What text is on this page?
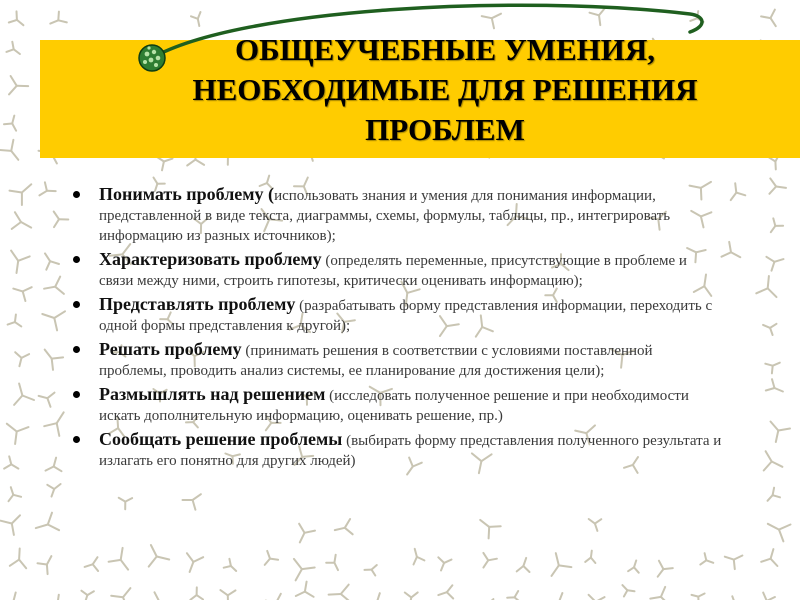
ОБЩЕУЧЕБНЫЕ УМЕНИЯ,
НЕОБХОДИМЫЕ ДЛЯ РЕШЕНИЯ
ПРОБЛЕМ
Понимать проблему (использовать знания и умения для понимания информации, представленной в виде текста, диаграммы, схемы, формулы, таблицы, пр., интегрировать информацию из разных источников);
Характеризовать проблему (определять переменные, присутствующие в проблеме и связи между ними, строить гипотезы, критически оценивать информацию);
Представлять проблему (разрабатывать форму представления информации, переходить с одной формы представления к другой);
Решать проблему (принимать решения в соответствии с условиями поставленной проблемы, проводить анализ системы, ее планирование для достижения цели);
Размышлять над решением (исследовать полученное решение и при необходимости искать дополнительную информацию, оценивать решение, пр.)
Сообщать решение проблемы (выбирать форму представления полученного результата и излагать его понятно для других людей)
